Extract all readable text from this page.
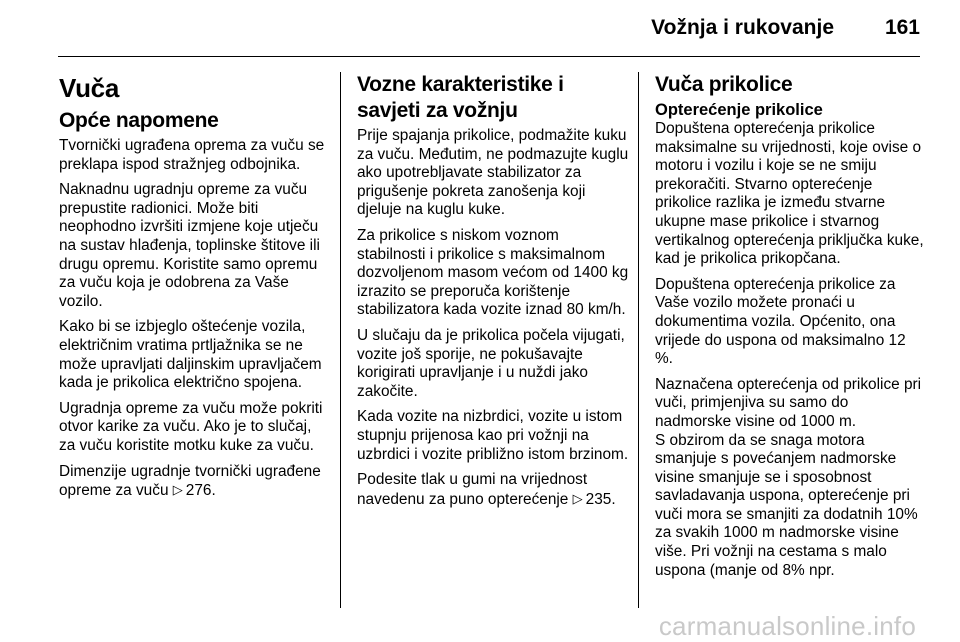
Vožnja i rukovanje 161
Vuča
Opće napomene

Tvornički ugrađena oprema za vuču se preklapa ispod stražnjeg odbojnika.

Naknadnu ugradnju opreme za vuču prepustite radionici. Može biti neophodno izvršiti izmjene koje utječu na sustav hlađenja, toplinske štitove ili drugu opremu. Koristite samo opremu za vuču koja je odobrena za Vaše vozilo.

Kako bi se izbjeglo oštećenje vozila, električnim vratima prtljažnika se ne može upravljati daljinskim upravljačem kada je prikolica električno spojena.

Ugradnja opreme za vuču može pokriti otvor karike za vuču. Ako je to slučaj, za vuču koristite motku kuke za vuču.

Dimenzije ugradnje tvornički ugrađene opreme za vuču ▷ 276.

Vozne karakteristike i savjeti za vožnju

Prije spajanja prikolice, podmažite kuku za vuču. Međutim, ne podmazujte kuglu ako upotrebljavate stabilizator za prigušenje pokreta zanošenja koji djeluje na kuglu kuke.

Za prikolice s niskom voznom stabilnosti i prikolice s maksimalnom dozvoljenom masom većom od 1400 kg izrazito se preporuča korištenje stabilizatora kada vozite iznad 80 km/h.

U slučaju da je prikolica počela vijugati, vozite još sporije, ne pokušavajte korigirati upravljanje i u nuždi jako zakočite.

Kada vozite na nizbrdici, vozite u istom stupnju prijenosa kao pri vožnji na uzbrdici i vozite približno istom brzinom.

Podesite tlak u gumi na vrijednost navedenu za puno opterećenje ▷ 235.

Vuča prikolice
Opterećenje prikolice

Dopuštena opterećenja prikolice maksimalne su vrijednosti, koje ovise o motoru i vozilu i koje se ne smiju prekoračiti. Stvarno opterećenje prikolice razlika je između stvarne ukupne mase prikolice i stvarnog vertikalnog opterećenja priključka kuke, kad je prikolica prikopčana.

Dopuštena opterećenja prikolice za Vaše vozilo možete pronaći u dokumentima vozila. Općenito, ona vrijede do uspona od maksimalno 12 %.

Naznačena opterećenja od prikolice pri vuči, primjenjiva su samo do nadmorske visine od 1000 m.

S obzirom da se snaga motora smanjuje s povećanjem nadmorske visine smanjuje se i sposobnost savladavanja uspona, opterećenje pri vuči mora se smanjiti za dodatnih 10% za svakih 1000 m nadmorske visine više. Pri vožnji na cestama s malo uspona (manje od 8% npr.

carmanualsonline.info
